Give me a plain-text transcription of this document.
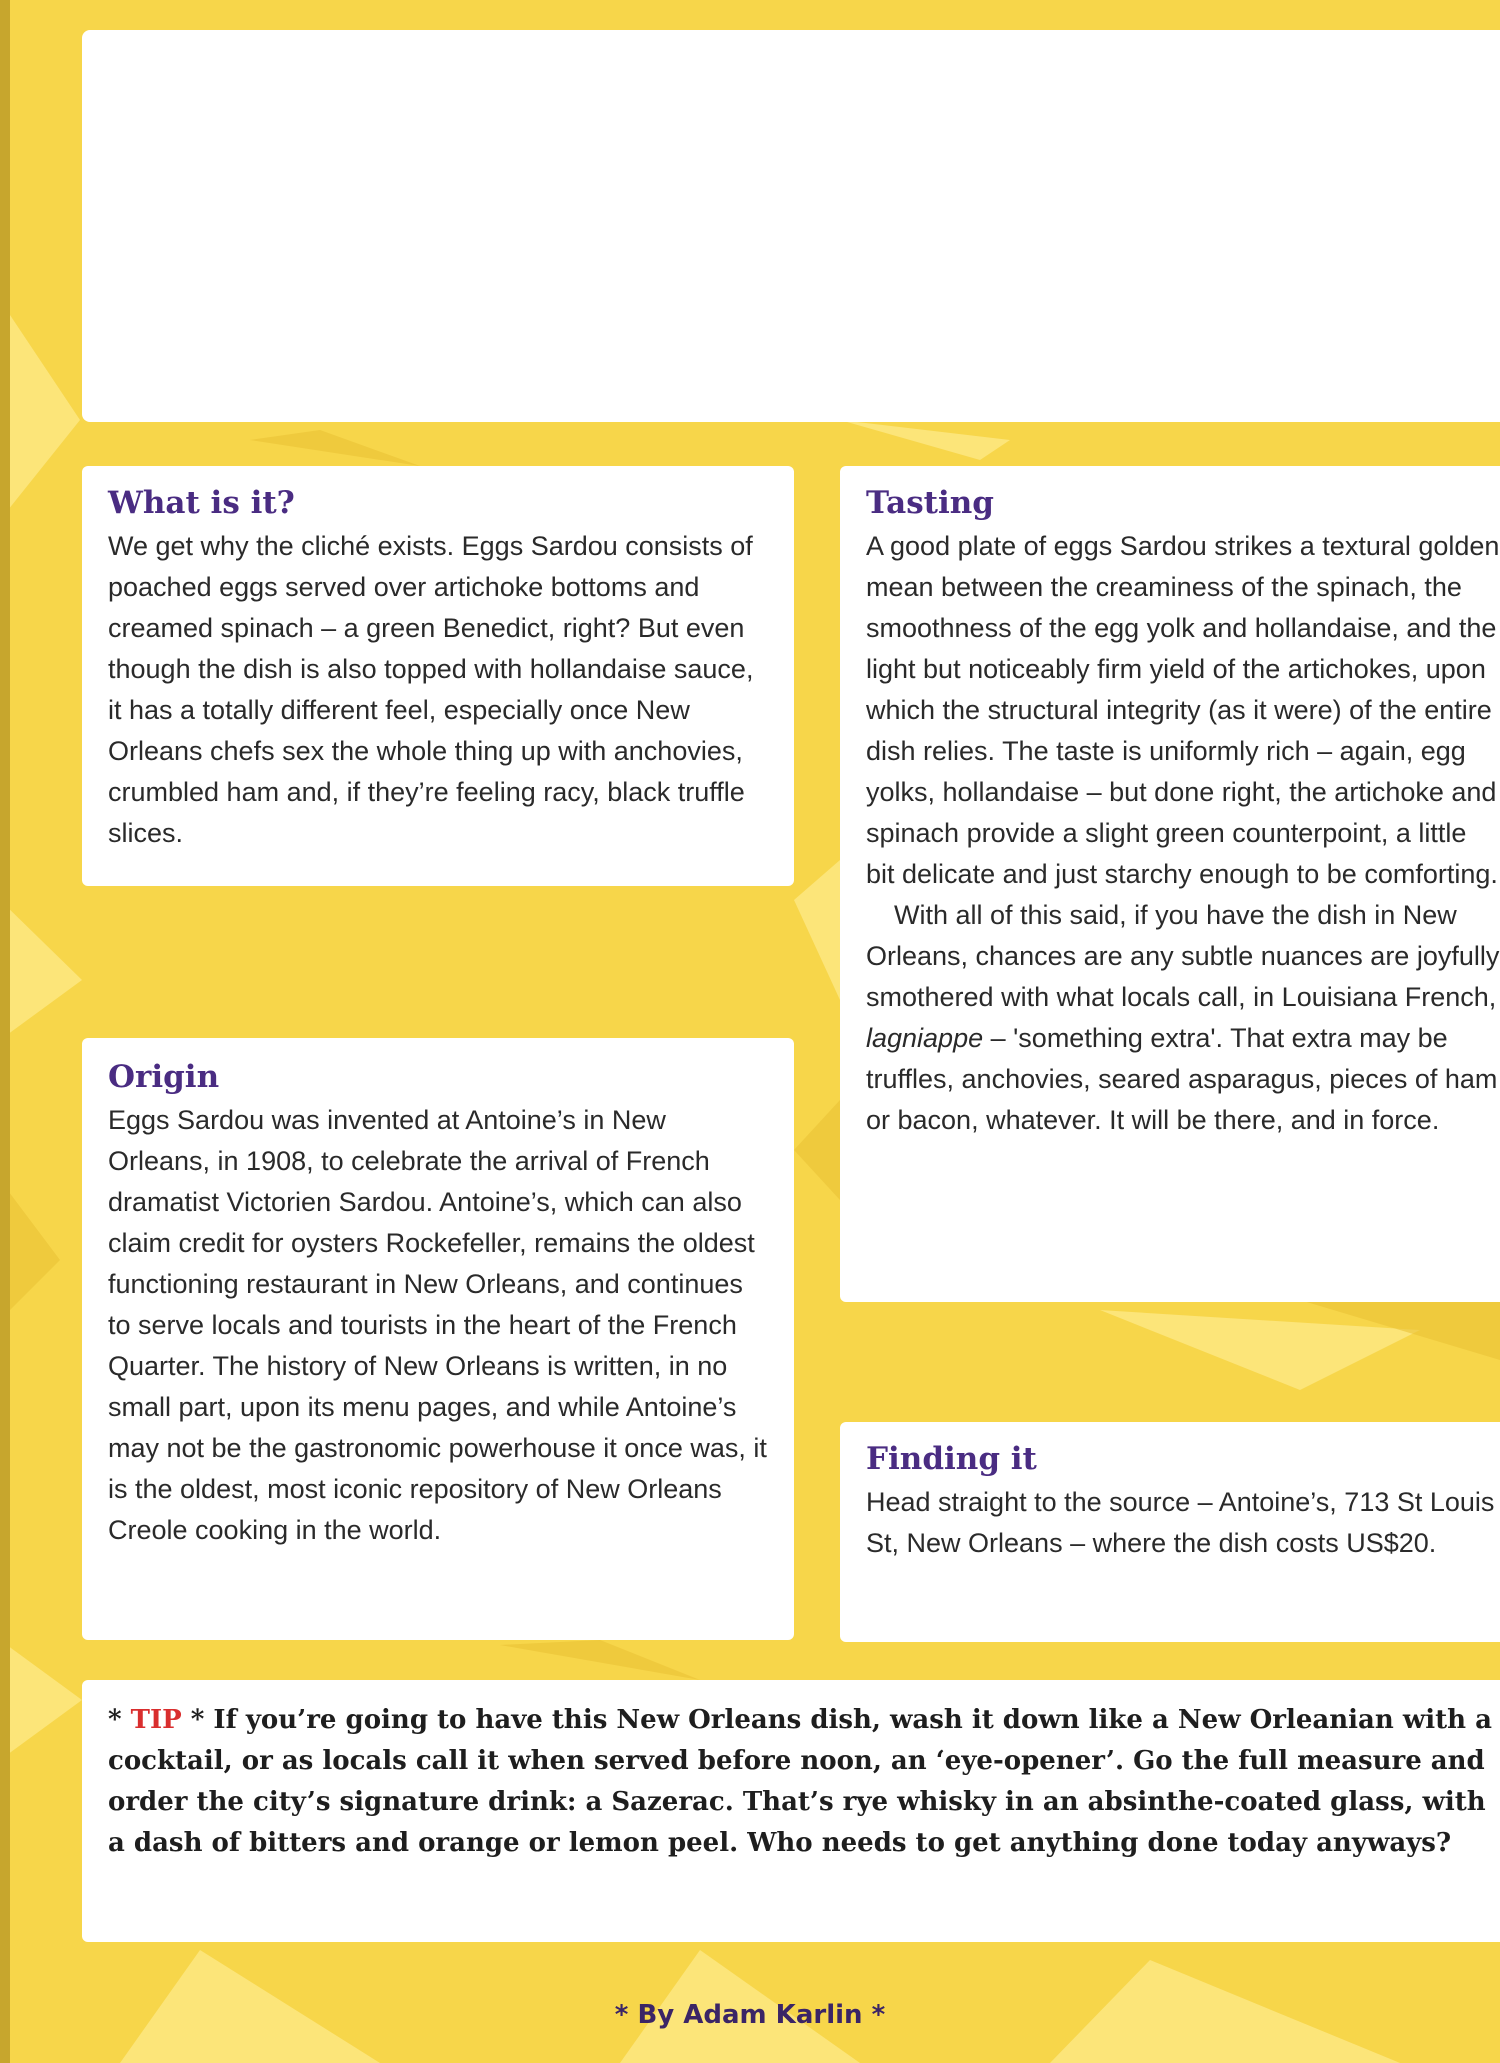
What is it?

We get why the cliché exists. Eggs Sardou consists of poached eggs served over artichoke bottoms and creamed spinach – a green Benedict, right? But even though the dish is also topped with hollandaise sauce, it has a totally different feel, especially once New Orleans chefs sex the whole thing up with anchovies, crumbled ham and, if they’re feeling racy, black truffle slices.

Origin

Eggs Sardou was invented at Antoine’s in New Orleans, in 1908, to celebrate the arrival of French dramatist Victorien Sardou. Antoine’s, which can also claim credit for oysters Rockefeller, remains the oldest functioning restaurant in New Orleans, and continues to serve locals and tourists in the heart of the French Quarter. The history of New Orleans is written, in no small part, upon its menu pages, and while Antoine’s may not be the gastronomic powerhouse it once was, it is the oldest, most iconic repository of New Orleans Creole cooking in the world.

Tasting

A good plate of eggs Sardou strikes a textural golden mean between the creaminess of the spinach, the smoothness of the egg yolk and hollandaise, and the light but noticeably firm yield of the artichokes, upon which the structural integrity (as it were) of the entire dish relies. The taste is uniformly rich – again, egg yolks, hollandaise – but done right, the artichoke and spinach provide a slight green counterpoint, a little bit delicate and just starchy enough to be comforting.

With all of this said, if you have the dish in New Orleans, chances are any subtle nuances are joyfully smothered with what locals call, in Louisiana French, lagniappe – 'something extra'. That extra may be truffles, anchovies, seared asparagus, pieces of ham or bacon, whatever. It will be there, and in force.

Finding it

Head straight to the source – Antoine’s, 713 St Louis St, New Orleans – where the dish costs US$20.

* TIP * If you’re going to have this New Orleans dish, wash it down like a New Orleanian with a cocktail, or as locals call it when served before noon, an ‘eye-opener’. Go the full measure and order the city’s signature drink: a Sazerac. That’s rye whisky in an absinthe-coated glass, with a dash of bitters and orange or lemon peel. Who needs to get anything done today anyways?

* By Adam Karlin *
